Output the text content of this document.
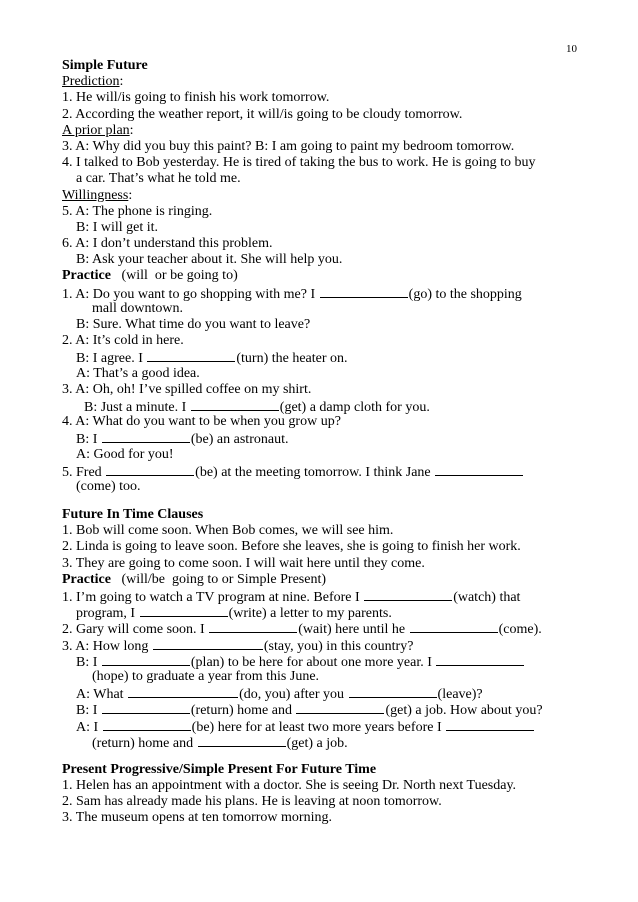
10
Simple Future
Prediction:
1. He will/is going to finish his work tomorrow.
2. According the weather report, it will/is going to be cloudy tomorrow.
A prior plan:
3. A: Why did you buy this paint? B: I am going to paint my bedroom tomorrow.
4. I talked to Bob yesterday. He is tired of taking the bus to work. He is going to buy
a car. That’s what he told me.
Willingness:
5. A: The phone is ringing.
B: I will get it.
6. A: I don’t understand this problem.
B: Ask your teacher about it. She will help you.
Practice   (will  or be going to)
1. A: Do you want to go shopping with me? I	(go) to the shopping
mall downtown.
B: Sure. What time do you want to leave?
2. A: It’s cold in here.
B: I agree. I	(turn) the heater on.
A: That’s a good idea.
3. A: Oh, oh! I’ve spilled coffee on my shirt.
B: Just a minute. I	(get) a damp cloth for you.
4. A: What do you want to be when you grow up?
B: I	(be) an astronaut.
A: Good for you!
5. Fred	(be) at the meeting tomorrow. I think Jane
(come) too.
Future In Time Clauses
1. Bob will come soon. When Bob comes, we will see him.
2. Linda is going to leave soon. Before she leaves, she is going to finish her work.
3. They are going to come soon. I will wait here until they come.
Practice   (will/be  going to or Simple Present)
1. I’m going to watch a TV program at nine. Before I	(watch) that
program, I	(write) a letter to my parents.
2. Gary will come soon. I	(wait) here until he	(come).
3. A: How long	(stay, you) in this country?
B: I	(plan) to be here for about one more year. I
(hope) to graduate a year from this June.
A: What	(do, you) after you	(leave)?
B: I	(return) home and	(get) a job. How about you?
A: I	(be) here for at least two more years before I
(return) home and	(get) a job.
Present Progressive/Simple Present For Future Time
1. Helen has an appointment with a doctor. She is seeing Dr. North next Tuesday.
2. Sam has already made his plans. He is leaving at noon tomorrow.
3. The museum opens at ten tomorrow morning.
